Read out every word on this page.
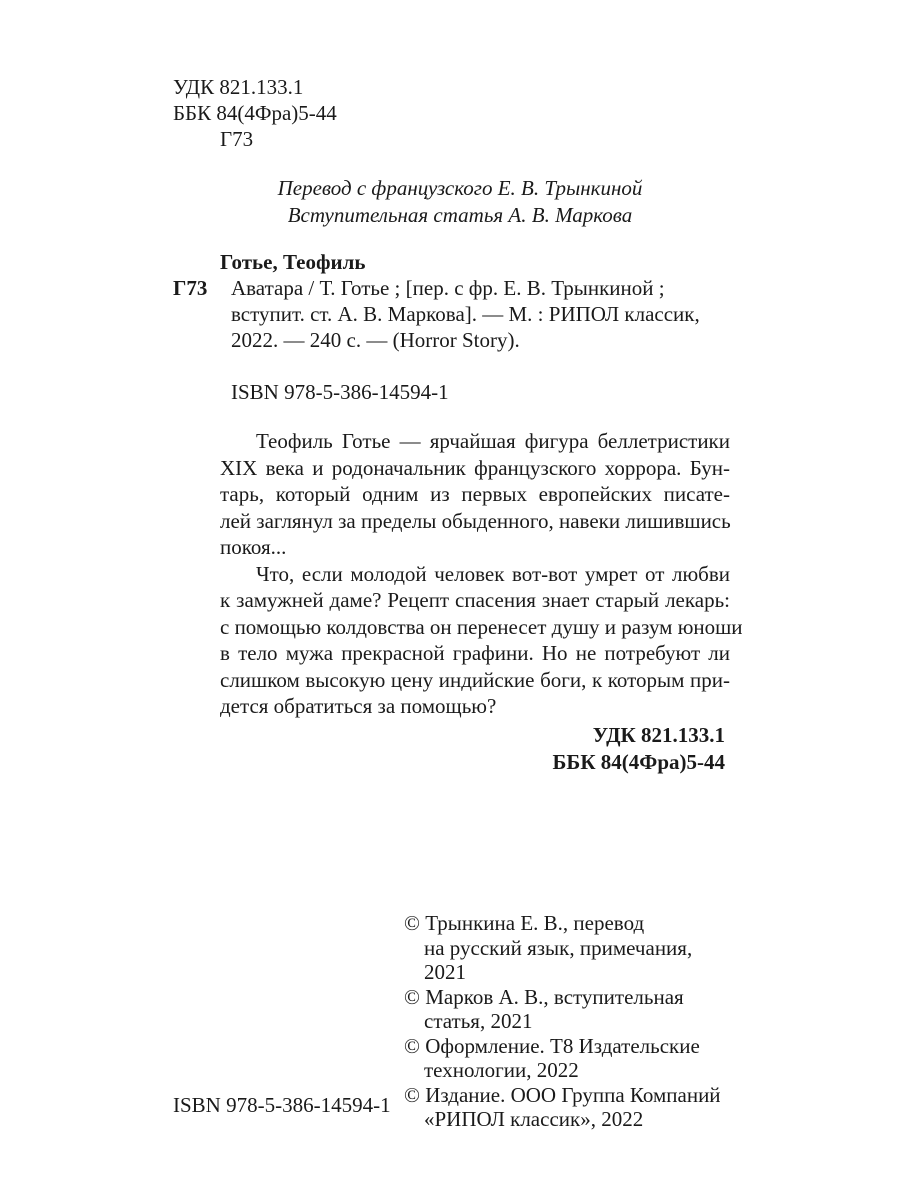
УДК 821.133.1
ББК 84(4Фра)5-44
Г73
Перевод с французского Е. В. Трынкиной
Вступительная статья А. В. Маркова
Готье, Теофиль
Г73 Аватара / Т. Готье ; [пер. с фр. Е. В. Трынкиной ;
вступит. ст. А. В. Маркова]. — М. : РИПОЛ классик,
2022. — 240 с. — (Horror Story).
ISBN 978-5-386-14594-1
Теофиль Готье — ярчайшая фигура беллетристики
XIX века и родоначальник французского хоррора. Бун-
тарь, который одним из первых европейских писате-
лей заглянул за пределы обыденного, навеки лишившись
покоя...
Что, если молодой человек вот-вот умрет от любви
к замужней даме? Рецепт спасения знает старый лекарь:
с помощью колдовства он перенесет душу и разум юноши
в тело мужа прекрасной графини. Но не потребуют ли
слишком высокую цену индийские боги, к которым при-
дется обратиться за помощью?
УДК 821.133.1
ББК 84(4Фра)5-44
© Трынкина Е. В., перевод
на русский язык, примечания,
2021
© Марков А. В., вступительная
статья, 2021
© Оформление. Т8 Издательские
технологии, 2022
© Издание. ООО Группа Компаний
«РИПОЛ классик», 2022
ISBN 978-5-386-14594-1
